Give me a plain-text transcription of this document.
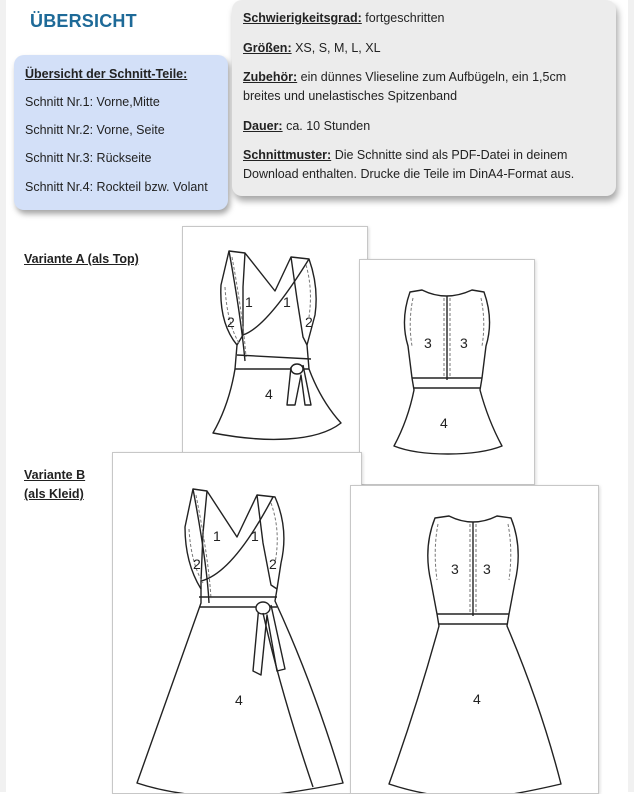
ÜBERSICHT
Übersicht der Schnitt-Teile:
Schnitt Nr.1: Vorne,Mitte
Schnitt Nr.2: Vorne, Seite
Schnitt Nr.3: Rückseite
Schnitt Nr.4: Rockteil bzw. Volant
Schwierigkeitsgrad: fortgeschritten
Größen: XS, S, M, L, XL
Zubehör: ein dünnes Vlieseline zum Aufbügeln, ein 1,5cm breites und unelastisches Spitzenband
Dauer: ca. 10 Stunden
Schnittmuster: Die Schnitte sind als PDF-Datei in deinem Download enthalten. Drucke die Teile im DinA4-Format aus.
Variante A (als Top)
Variante B
(als Kleid)
1 1
2	2
4
3 3
4
1 1
2	2
4
3 3
4
